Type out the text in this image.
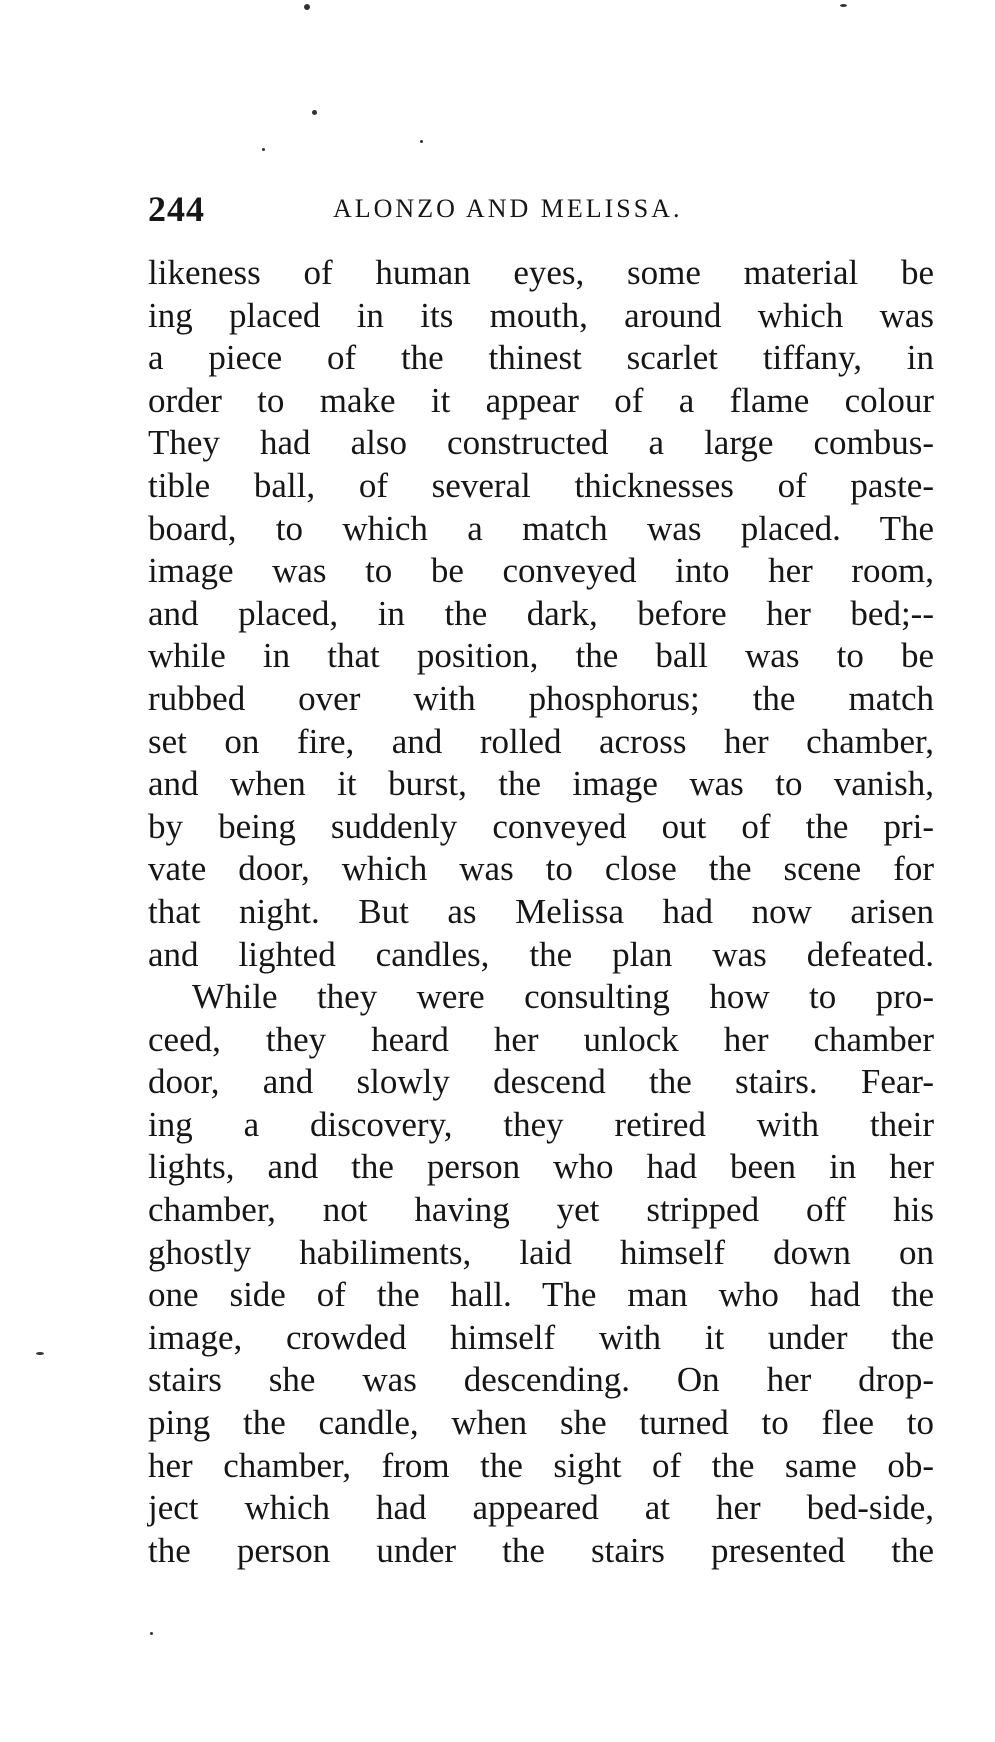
244	ALONZO AND MELISSA.
likeness of human eyes, some material be
ing placed in its mouth, around which was
a piece of the thinest scarlet tiffany, in
order to make it appear of a flame colour
They had also constructed a large combus-
tible ball, of several thicknesses of paste-
board, to which a match was placed. The
image was to be conveyed into her room,
and placed, in the dark, before her bed;--
while in that position, the ball was to be
rubbed over with phosphorus; the match
set on fire, and rolled across her chamber,
and when it burst, the image was to vanish,
by being suddenly conveyed out of the pri-
vate door, which was to close the scene for
that night. But as Melissa had now arisen
and lighted candles, the plan was defeated.
While they were consulting how to pro-
ceed, they heard her unlock her chamber
door, and slowly descend the stairs. Fear-
ing a discovery, they retired with their
lights, and the person who had been in her
chamber, not having yet stripped off his
ghostly habiliments, laid himself down on
one side of the hall. The man who had the
image, crowded himself with it under the
stairs she was descending. On her drop-
ping the candle, when she turned to flee to
her chamber, from the sight of the same ob-
ject which had appeared at her bed-side,
the person under the stairs presented the
